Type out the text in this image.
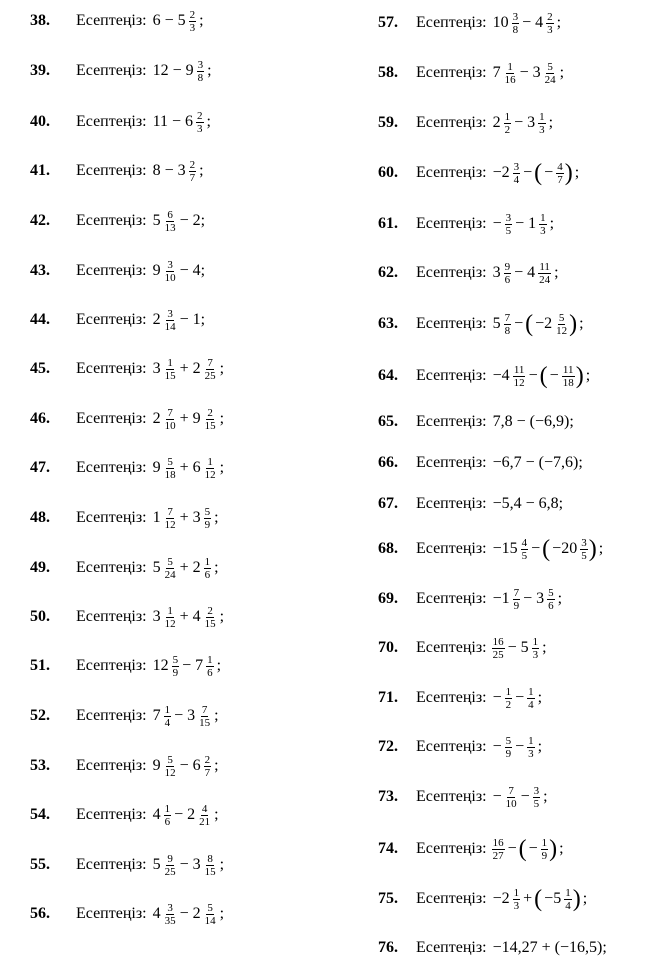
38.	Есептеңіз: $6 - 5 \frac{2}{3}$ ;
39.	Есептеңіз: $12 - 9 \frac{3}{8}$ ;
40.	Есептеңіз: $11 - 6 \frac{2}{3}$ ;
41.	Есептеңіз: $8 - 3 \frac{2}{7}$ ;
42.	Есептеңіз: $5 \frac{6}{13} - 2$;
43.	Есептеңіз: $9 \frac{3}{10} - 4$;
44.	Есептеңіз: $2 \frac{3}{14} - 1$;
45.	Есептеңіз: $3 \frac{1}{15} + 2 \frac{7}{25}$ ;
46.	Есептеңіз: $2 \frac{7}{10} + 9 \frac{2}{15}$ ;
47.	Есептеңіз: $9 \frac{5}{18} + 6 \frac{1}{12}$ ;
48.	Есептеңіз: $1 \frac{7}{12} + 3 \frac{5}{9}$ ;
49.	Есептеңіз: $5 \frac{5}{24} + 2 \frac{1}{6}$ ;
50.	Есептеңіз: $3 \frac{1}{12} + 4 \frac{2}{15}$ ;
51.	Есептеңіз: $12 \frac{5}{9} - 7 \frac{1}{6}$ ;
52.	Есептеңіз: $7 \frac{1}{4} - 3 \frac{7}{15}$ ;
53.	Есептеңіз: $9 \frac{5}{12} - 6 \frac{2}{7}$ ;
54.	Есептеңіз: $4 \frac{1}{6} - 2 \frac{4}{21}$ ;
55.	Есептеңіз: $5 \frac{9}{25} - 3 \frac{8}{15}$ ;
56.	Есептеңіз: $4 \frac{3}{35} - 2 \frac{5}{14}$ ;
57.	Есептеңіз: $10 \frac{3}{8} - 4 \frac{2}{3}$ ;
58.	Есептеңіз: $7 \frac{1}{16} - 3 \frac{5}{24}$ ;
59.	Есептеңіз: $2 \frac{1}{2} - 3 \frac{1}{3}$ ;
60.	Есептеңіз: $-2 \frac{3}{4}$ − ( − $\frac{4}{7}$ ) ;
61.	Есептеңіз: − $\frac{3}{5} - 1 \frac{1}{3}$ ;
62.	Есептеңіз: $3 \frac{9}{6} - 4 \frac{11}{24}$ ;
63.	Есептеңіз: $5 \frac{7}{8}$ − ( $-2 \frac{5}{12}$ ) ;
64.	Есептеңіз: $-4 \frac{11}{12}$ − ( − $\frac{11}{18}$ ) ;
65.	Есептеңіз: 7,8 − (−6,9);
66.	Есептеңіз: −6,7 − (−7,6);
67.	Есептеңіз: −5,4 − 6,8;
68.	Есептеңіз: $-15 \frac{4}{5}$ − ( $-20 \frac{3}{5}$ ) ;
69.	Есептеңіз: $-1 \frac{7}{9} - 3 \frac{5}{6}$ ;
70.	Есептеңіз: $\frac{16}{25} - 5 \frac{1}{3}$ ;
71.	Есептеңіз: − $\frac{1}{2} - \frac{1}{4}$ ;
72.	Есептеңіз: − $\frac{5}{9} - \frac{1}{3}$ ;
73.	Есептеңіз: − $\frac{7}{10} - \frac{3}{5}$ ;
74.	Есептеңіз: $\frac{16}{27}$ − ( − $\frac{1}{9}$ ) ;
75.	Есептеңіз: $-2 \frac{1}{3}$ + ( $-5 \frac{1}{4}$ ) ;
76.	Есептеңіз: −14,27 + (−16,5);
